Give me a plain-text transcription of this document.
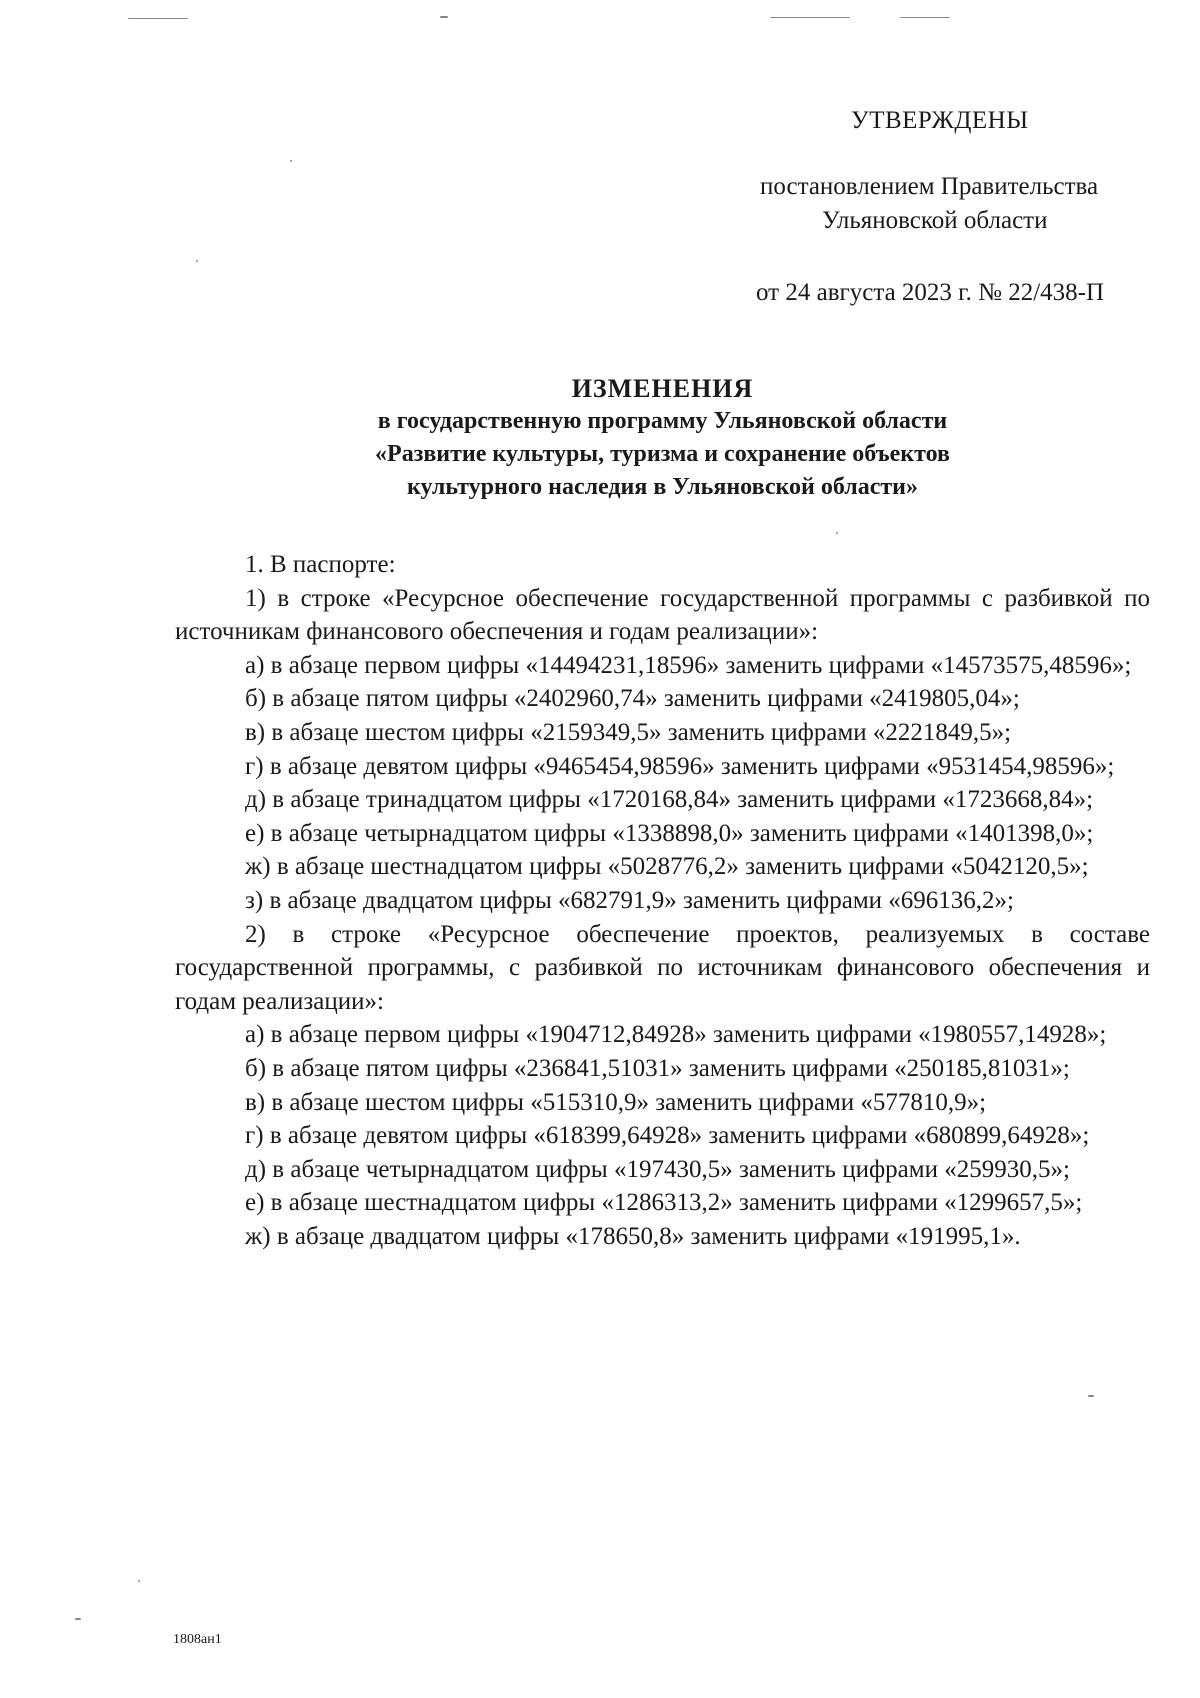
УТВЕРЖДЕНЫ
постановлением Правительства
Ульяновской области
от 24 августа 2023 г. № 22/438-П
ИЗМЕНЕНИЯ
в государственную программу Ульяновской области
«Развитие культуры, туризма и сохранение объектов
культурного наследия в Ульяновской области»

1. В паспорте:

1) в строке «Ресурсное обеспечение государственной программы с разбивкой по источникам финансового обеспечения и годам реализации»:

а) в абзаце первом цифры «14494231,18596» заменить цифрами «14573575,48596»;

б) в абзаце пятом цифры «2402960,74» заменить цифрами «2419805,04»;

в) в абзаце шестом цифры «2159349,5» заменить цифрами «2221849,5»;

г) в абзаце девятом цифры «9465454,98596» заменить цифрами «9531454,98596»;

д) в абзаце тринадцатом цифры «1720168,84» заменить цифрами «1723668,84»;

е) в абзаце четырнадцатом цифры «1338898,0» заменить цифрами «1401398,0»;

ж) в абзаце шестнадцатом цифры «5028776,2» заменить цифрами «5042120,5»;

з) в абзаце двадцатом цифры «682791,9» заменить цифрами «696136,2»;

2) в строке «Ресурсное обеспечение проектов, реализуемых в составе государственной программы, с разбивкой по источникам финансового обеспечения и годам реализации»:

а) в абзаце первом цифры «1904712,84928» заменить цифрами «1980557,14928»;

б) в абзаце пятом цифры «236841,51031» заменить цифрами «250185,81031»;

в) в абзаце шестом цифры «515310,9» заменить цифрами «577810,9»;

г) в абзаце девятом цифры «618399,64928» заменить цифрами «680899,64928»;

д) в абзаце четырнадцатом цифры «197430,5» заменить цифрами «259930,5»;

е) в абзаце шестнадцатом цифры «1286313,2» заменить цифрами «1299657,5»;

ж) в абзаце двадцатом цифры «178650,8» заменить цифрами «191995,1».

1808ан1
